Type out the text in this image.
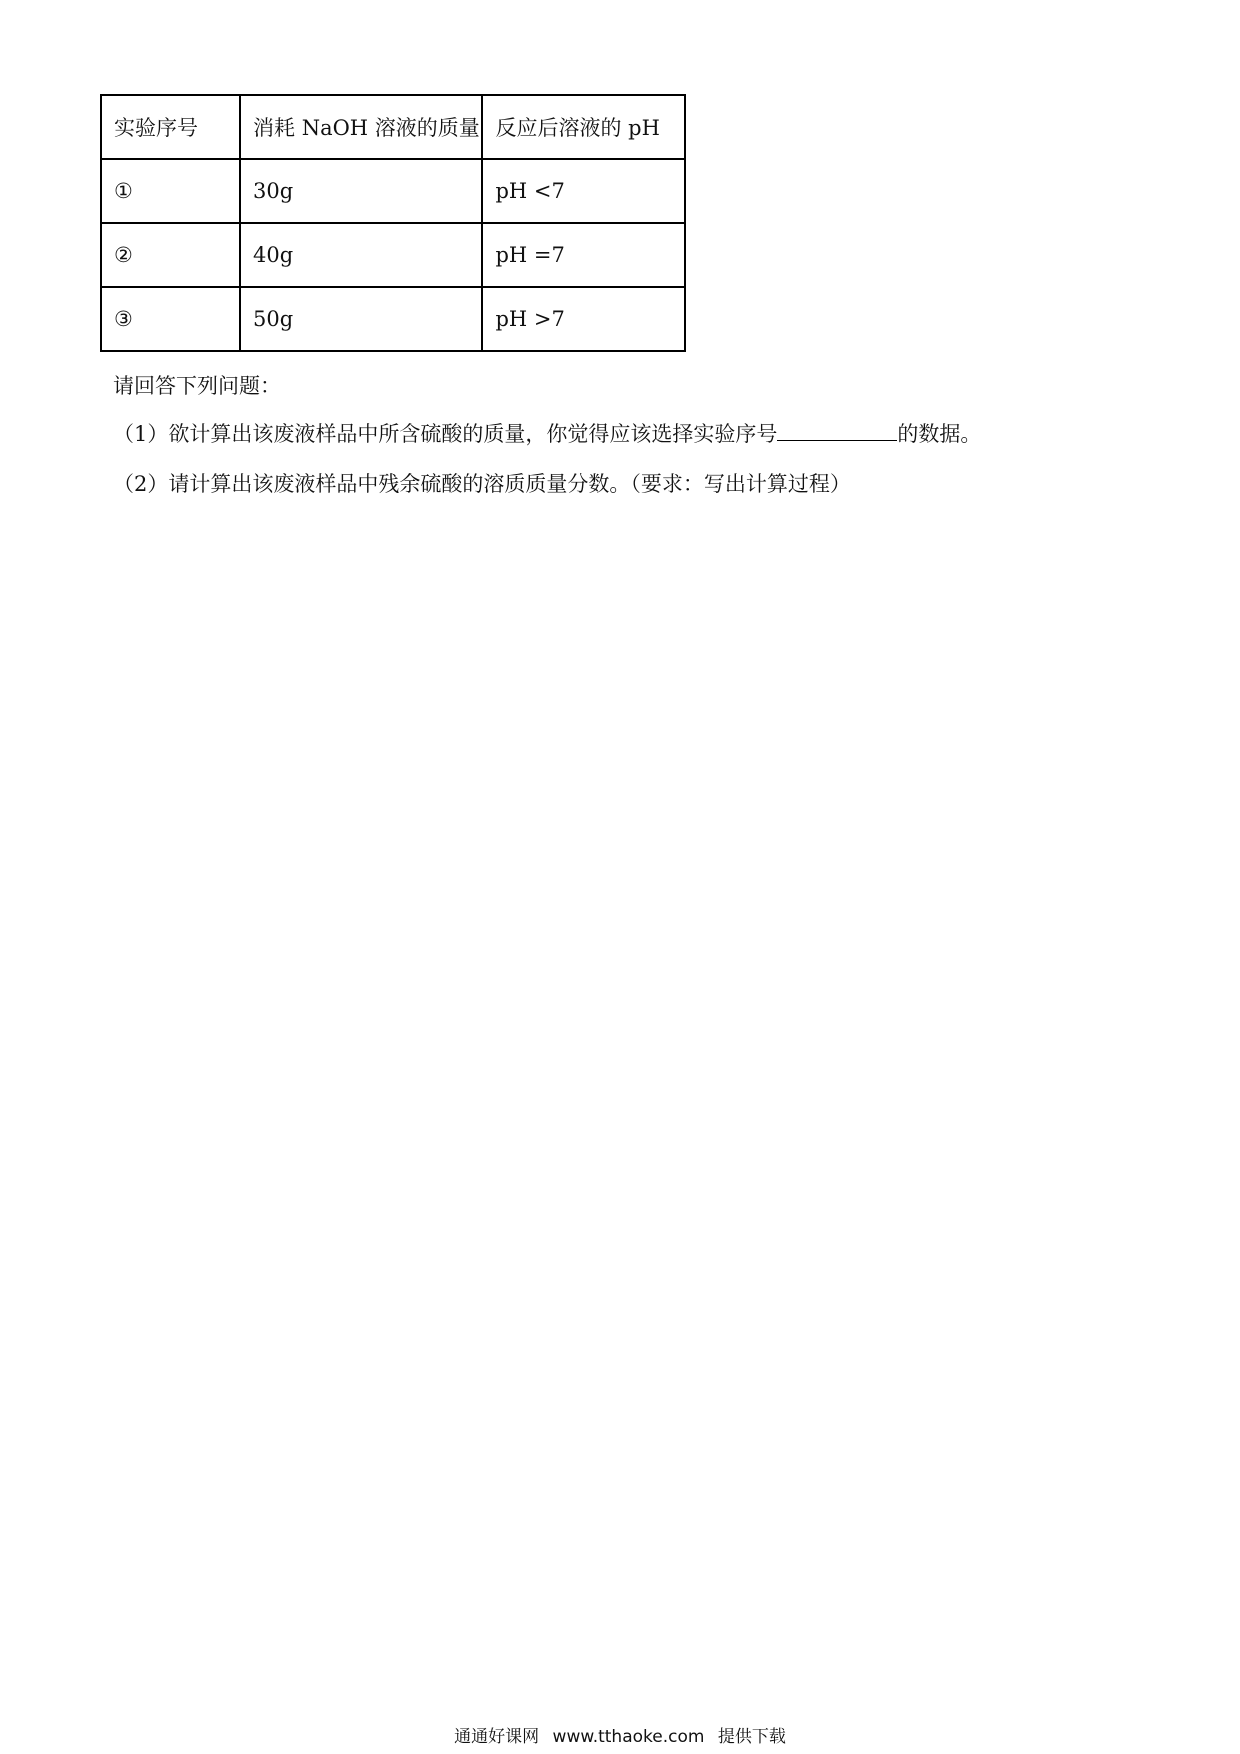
实验序号	消耗 NaOH 溶液的质量	反应后溶液的 pH
①	30g	pH <7
②	40g	pH =7
③	50g	pH >7
请回答下列问题：
（1）欲计算出该废液样品中所含硫酸的质量，你觉得应该选择实验序号	的数据。
（2）请计算出该废液样品中残余硫酸的溶质质量分数。（要求：写出计算过程）
通通好课网 www.tthaoke.com 提供下载
